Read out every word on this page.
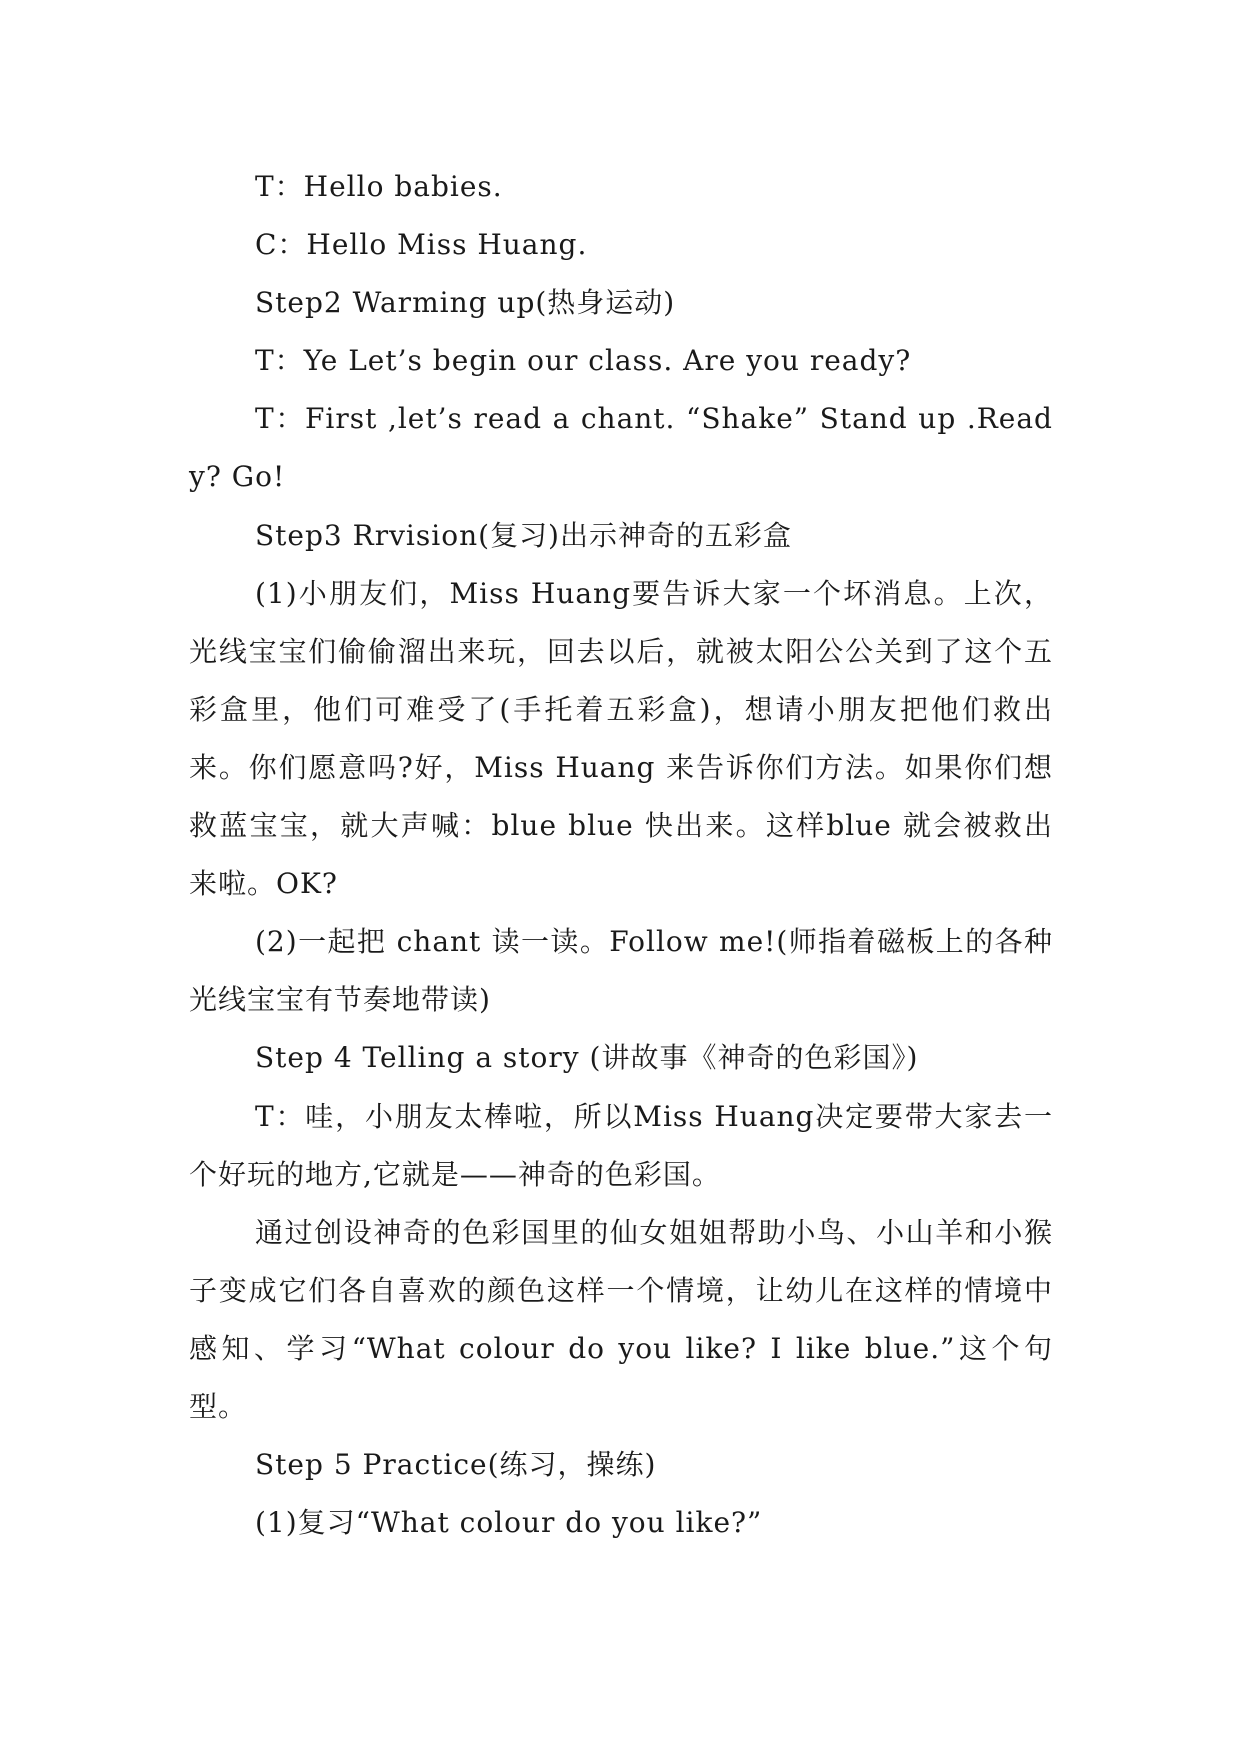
T：Hello babies.

C：Hello Miss Huang.

Step2 Warming up(热身运动)

T：Ye Let’s begin our class. Are you ready?

T：First ,let’s read a chant. “Shake” Stand up .Ready? Go!

Step3 Rrvision(复习)出示神奇的五彩盒

(1)小朋友们，Miss Huang要告诉大家一个坏消息。上次，光线宝宝们偷偷溜出来玩，回去以后，就被太阳公公关到了这个五彩盒里，他们可难受了(手托着五彩盒)，想请小朋友把他们救出来。你们愿意吗?好，Miss Huang 来告诉你们方法。如果你们想救蓝宝宝，就大声喊：blue blue 快出来。这样blue 就会被救出来啦。OK?

(2)一起把 chant 读一读。Follow me!(师指着磁板上的各种光线宝宝有节奏地带读)

Step 4 Telling a story (讲故事《神奇的色彩国》)

T：哇，小朋友太棒啦，所以Miss Huang决定要带大家去一个好玩的地方,它就是——神奇的色彩国。

通过创设神奇的色彩国里的仙女姐姐帮助小鸟、小山羊和小猴子变成它们各自喜欢的颜色这样一个情境，让幼儿在这样的情境中感知、学习“What colour do you like? I like blue.”这个句型。

Step 5 Practice(练习，操练)

(1)复习“What colour do you like?”
